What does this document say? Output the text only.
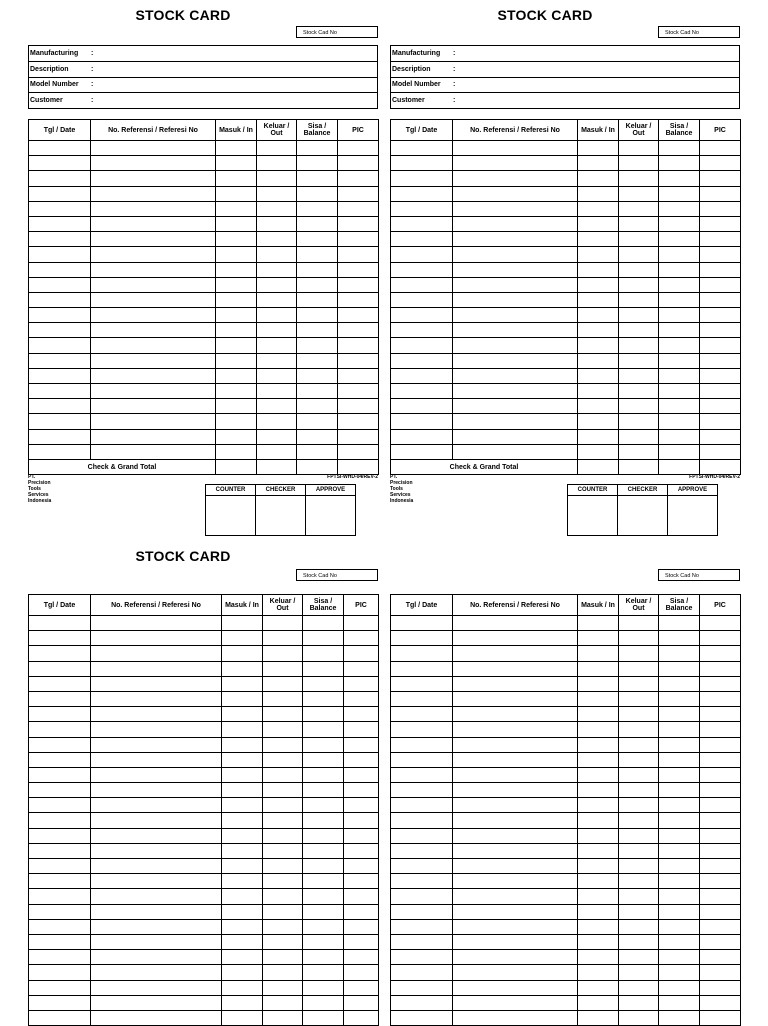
STOCK CARD
Stock Cad No
Manufacturing :

Description	:

Model Number :

Customer	:
Tgl / Date	No. Referensi / Referesi No	Masuk / In	Keluar / Out	Sisa / Balance	PIC

Check & Grand Total					
PT. Precision Tools Services Indonesia
FPTSI-WHD-04/REV-2
COUNTER	CHECKER	APPROVE

STOCK CARD
Stock Cad No
Manufacturing :

Description	:

Model Number :

Customer	:
Tgl / Date	No. Referensi / Referesi No	Masuk / In	Keluar / Out	Sisa / Balance	PIC

Check & Grand Total					
PT. Precision Tools Services Indonesia
FPTSI-WHD-04/REV-2
COUNTER	CHECKER	APPROVE

STOCK CARD
Stock Cad No
Tgl / Date	No. Referensi / Referesi No	Masuk / In	Keluar / Out	Sisa / Balance	PIC

Stock Cad No
Tgl / Date	No. Referensi / Referesi No	Masuk / In	Keluar / Out	Sisa / Balance	PIC
